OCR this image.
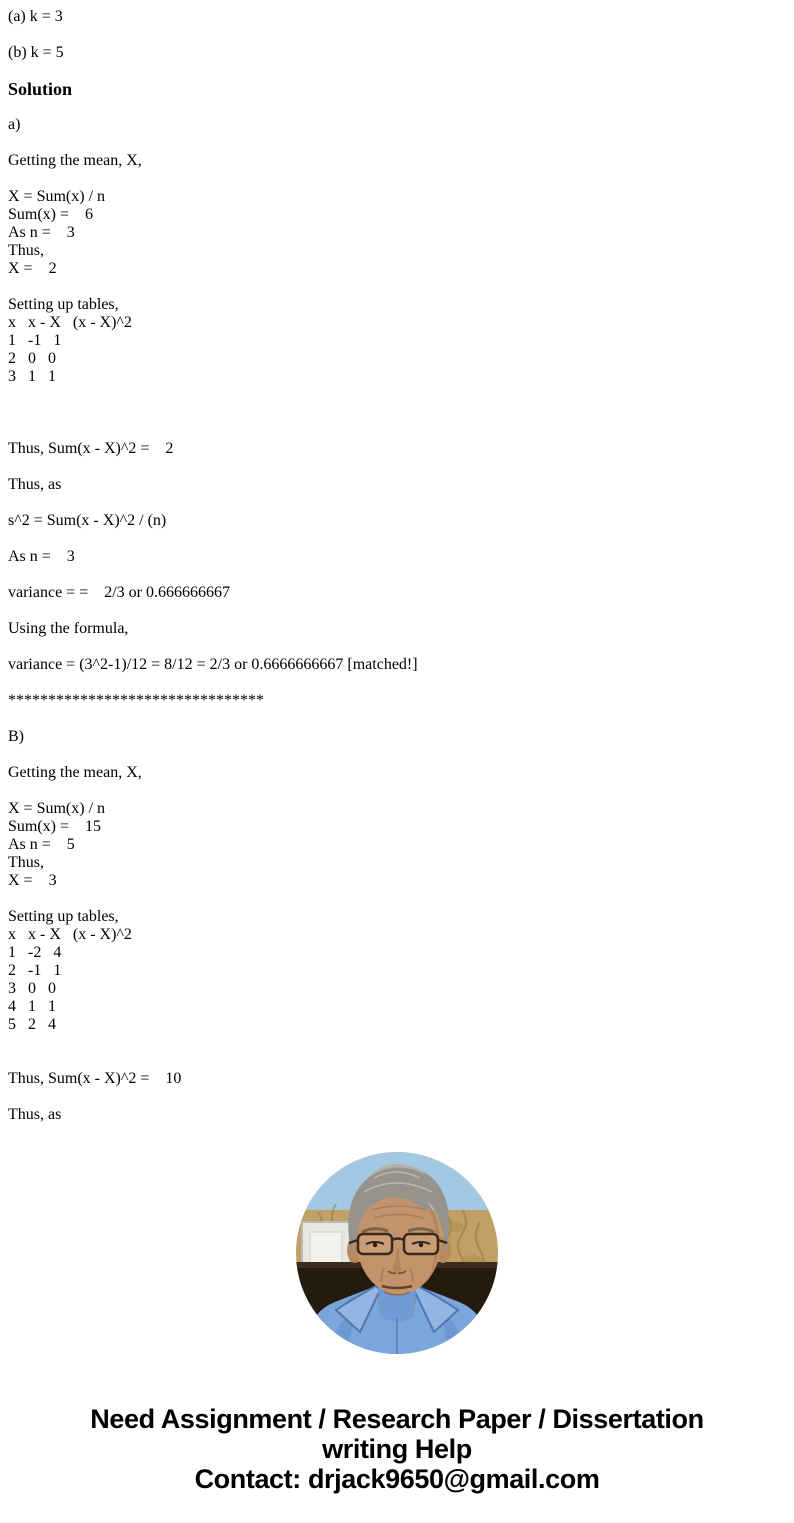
(a) k = 3
(b) k = 5
Solution
a)
Getting the mean, X,
X = Sum(x) / n
Sum(x) =    6
As n =    3
Thus,
X =    2
Setting up tables,
x   x - X   (x - X)^2
1   -1   1
2   0   0
3   1   1
Thus, Sum(x - X)^2 =    2
Thus, as
s^2 = Sum(x - X)^2 / (n)
As n =    3
variance = =    2/3 or 0.666666667
Using the formula,
variance = (3^2-1)/12 = 8/12 = 2/3 or 0.6666666667 [matched!]
********************************
B)
Getting the mean, X,
X = Sum(x) / n
Sum(x) =    15
As n =    5
Thus,
X =    3
Setting up tables,
x   x - X   (x - X)^2
1   -2   4
2   -1   1
3   0   0
4   1   1
5   2   4
Thus, Sum(x - X)^2 =    10
Thus, as
Need Assignment / Research Paper / Dissertation
writing Help
Contact: drjack9650@gmail.com
